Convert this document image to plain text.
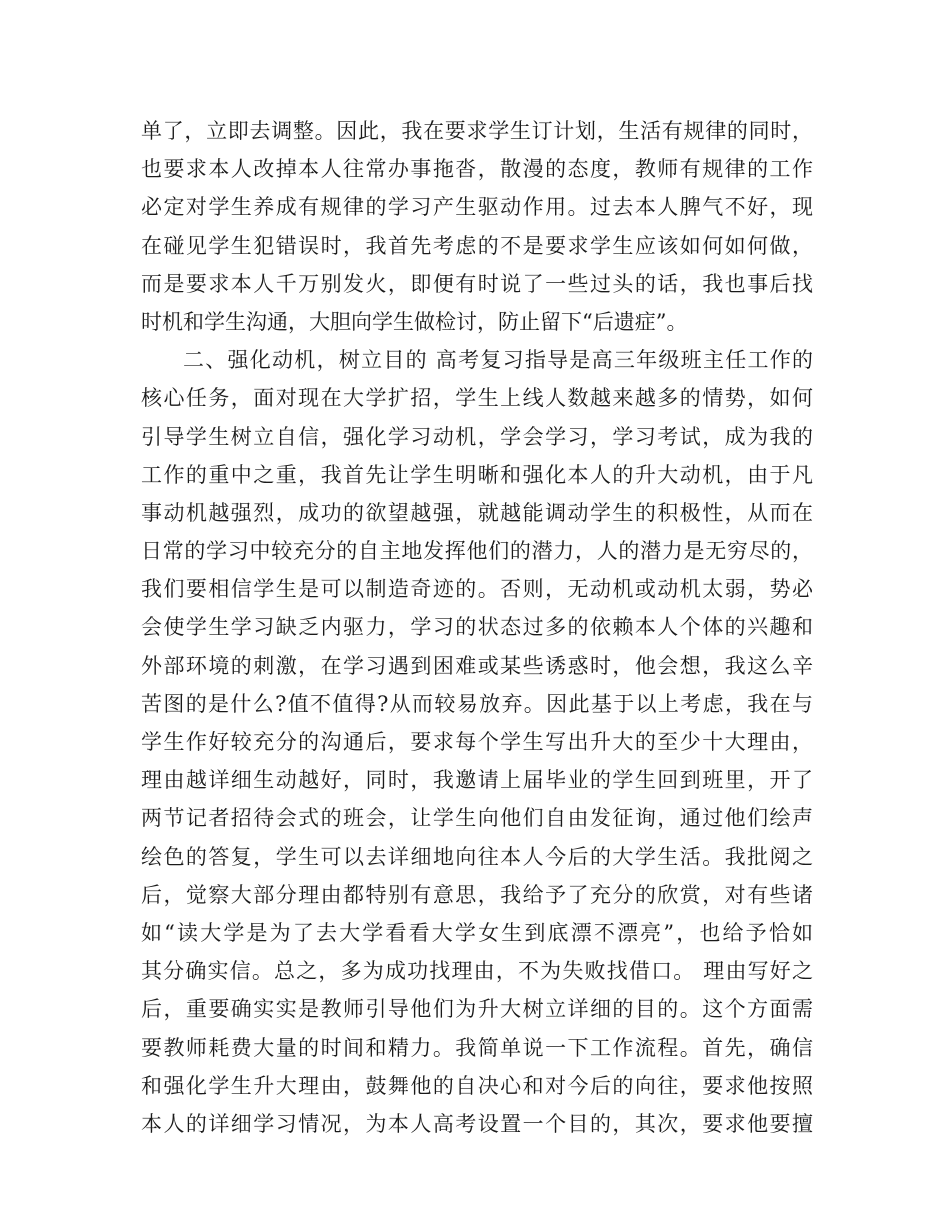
单了，立即去调整。因此，我在要求学生订计划，生活有规律的同时，
也要求本人改掉本人往常办事拖沓，散漫的态度，教师有规律的工作
必定对学生养成有规律的学习产生驱动作用。过去本人脾气不好，现
在碰见学生犯错误时，我首先考虑的不是要求学生应该如何如何做，
而是要求本人千万别发火，即便有时说了一些过头的话，我也事后找
时机和学生沟通，大胆向学生做检讨，防止留下“后遗症”。
二、强化动机，树立目的 高考复习指导是高三年级班主任工作的
核心任务，面对现在大学扩招，学生上线人数越来越多的情势，如何
引导学生树立自信，强化学习动机，学会学习，学习考试，成为我的
工作的重中之重，我首先让学生明晰和强化本人的升大动机，由于凡
事动机越强烈，成功的欲望越强，就越能调动学生的积极性，从而在
日常的学习中较充分的自主地发挥他们的潜力，人的潜力是无穷尽的，
我们要相信学生是可以制造奇迹的。否则，无动机或动机太弱，势必
会使学生学习缺乏内驱力，学习的状态过多的依赖本人个体的兴趣和
外部环境的刺激，在学习遇到困难或某些诱惑时，他会想，我这么辛
苦图的是什么?值不值得?从而较易放弃。因此基于以上考虑，我在与
学生作好较充分的沟通后，要求每个学生写出升大的至少十大理由，
理由越详细生动越好，同时，我邀请上届毕业的学生回到班里，开了
两节记者招待会式的班会，让学生向他们自由发征询，通过他们绘声
绘色的答复，学生可以去详细地向往本人今后的大学生活。我批阅之
后，觉察大部分理由都特别有意思，我给予了充分的欣赏，对有些诸
如“读大学是为了去大学看看大学女生到底漂不漂亮”，也给予恰如
其分确实信。总之，多为成功找理由，不为失败找借口。 理由写好之
后，重要确实实是教师引导他们为升大树立详细的目的。这个方面需
要教师耗费大量的时间和精力。我简单说一下工作流程。首先，确信
和强化学生升大理由，鼓舞他的自决心和对今后的向往，要求他按照
本人的详细学习情况，为本人高考设置一个目的，其次，要求他要擅
